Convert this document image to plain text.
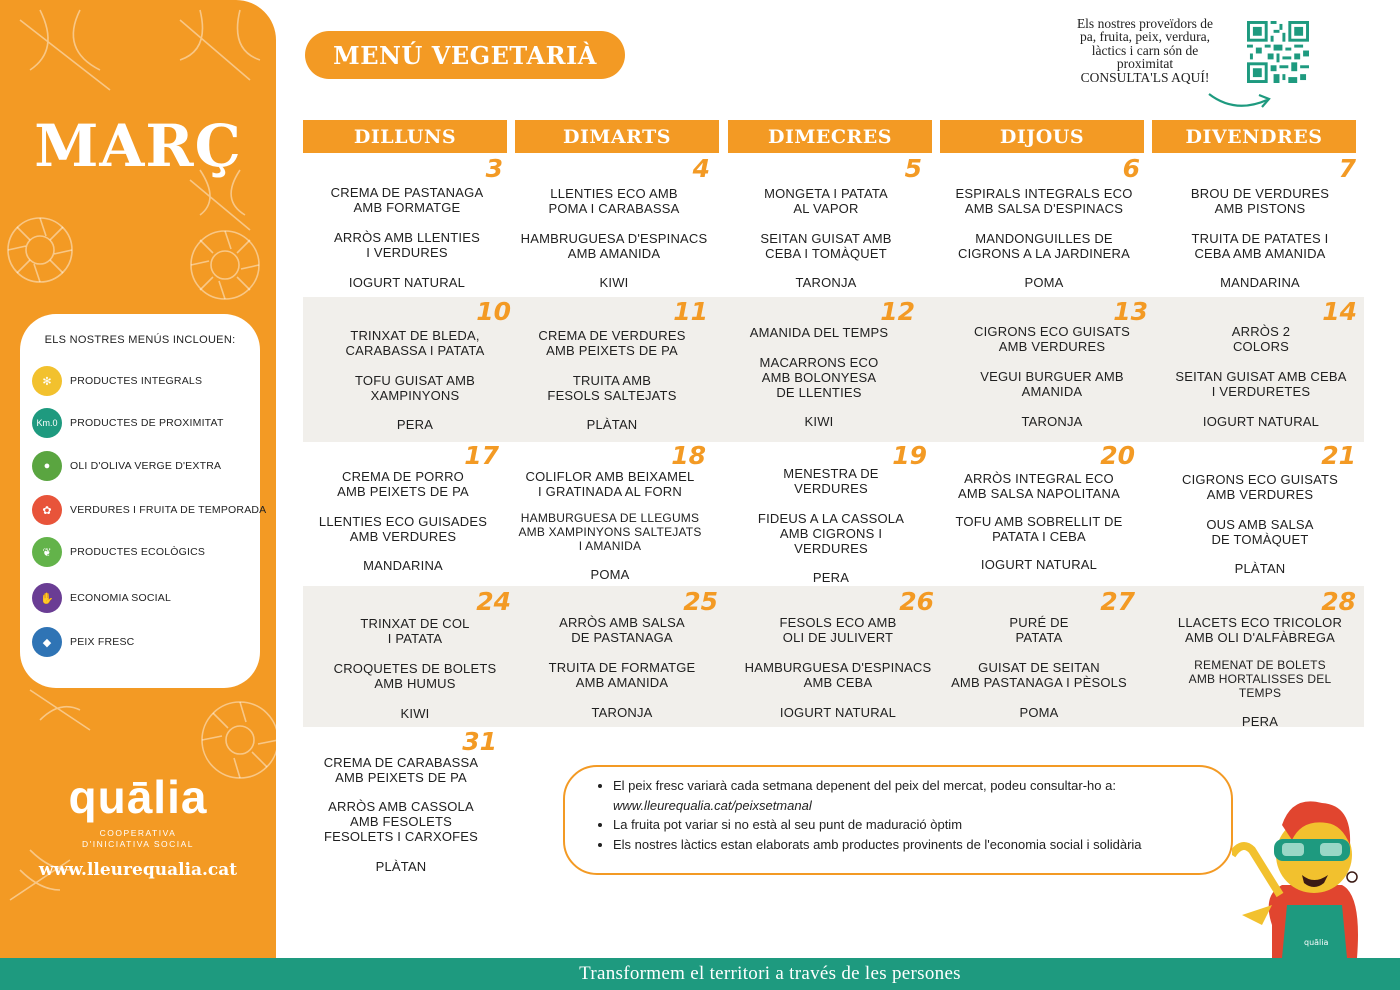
MARÇ
ELS NOSTRES MENÚS INCLOUEN:
✻	PRODUCTES INTEGRALS
Km.0	PRODUCTES DE PROXIMITAT
●	OLI D'OLIVA VERGE D'EXTRA
✿	VERDURES I FRUITA DE TEMPORADA
❦	PRODUCTES ECOLÒGICS
✋	ECONOMIA SOCIAL
◆	PEIX FRESC
quālia
COOPERATIVA
D'INICIATIVA SOCIAL
www.lleurequalia.cat
MENÚ VEGETARIÀ
Els nostres proveïdors de
pa, fruita, peix, verdura,
làctics i carn són de
proximitat
CONSULTA'LS AQUÍ!
DILLUNS	DIMARTS	DIMECRES	DIJOUS	DIVENDRES
3
CREMA DE PASTANAGA
AMB FORMATGE
ARRÒS AMB LLENTIES
I VERDURES
IOGURT NATURAL
4
LLENTIES ECO AMB
POMA I CARABASSA
HAMBRUGUESA D'ESPINACS
AMB AMANIDA
KIWI
5
MONGETA I PATATA
AL VAPOR
SEITAN GUISAT AMB
CEBA I TOMÀQUET
TARONJA
6
ESPIRALS INTEGRALS ECO
AMB SALSA D'ESPINACS
MANDONGUILLES DE
CIGRONS A LA JARDINERA
POMA
7
BROU DE VERDURES
AMB PISTONS
TRUITA DE PATATES I
CEBA AMB AMANIDA
MANDARINA
10
TRINXAT DE BLEDA,
CARABASSA I PATATA
TOFU GUISAT AMB
XAMPINYONS
PERA
11
CREMA DE VERDURES
AMB PEIXETS DE PA
TRUITA AMB
FESOLS SALTEJATS
PLÀTAN
12
AMANIDA DEL TEMPS
MACARRONS ECO
AMB BOLONYESA
DE LLENTIES
KIWI
13
CIGRONS ECO GUISATS
AMB VERDURES
VEGUI BURGUER AMB
AMANIDA
TARONJA
14
ARRÒS 2
COLORS
SEITAN GUISAT AMB CEBA
I VERDURETES
IOGURT NATURAL
17
CREMA DE PORRO
AMB PEIXETS DE PA
LLENTIES ECO GUISADES
AMB VERDURES
MANDARINA
18
COLIFLOR AMB BEIXAMEL
I GRATINADA AL FORN
HAMBURGUESA DE LLEGUMS
AMB XAMPINYONS SALTEJATS
I AMANIDA
POMA
19
MENESTRA DE
VERDURES
FIDEUS A LA CASSOLA
AMB CIGRONS I
VERDURES
PERA
20
ARRÒS INTEGRAL ECO
AMB SALSA NAPOLITANA
TOFU AMB SOBRELLIT DE
PATATA I CEBA
IOGURT NATURAL
21
CIGRONS ECO GUISATS
AMB VERDURES
OUS AMB SALSA
DE TOMÀQUET
PLÀTAN
24
TRINXAT DE COL
I PATATA
CROQUETES DE BOLETS
AMB HUMUS
KIWI
25
ARRÒS AMB SALSA
DE PASTANAGA
TRUITA DE FORMATGE
AMB AMANIDA
TARONJA
26
FESOLS ECO AMB
OLI DE JULIVERT
HAMBURGUESA D'ESPINACS
AMB CEBA
IOGURT NATURAL
27
PURÉ DE
PATATA
GUISAT DE SEITAN
AMB PASTANAGA I PÈSOLS
POMA
28
LLACETS ECO TRICOLOR
AMB OLI D'ALFÀBREGA
REMENAT DE BOLETS
AMB HORTALISSES DEL
TEMPS
PERA
31
CREMA DE CARABASSA
AMB PEIXETS DE PA
ARRÒS AMB CASSOLA
AMB FESOLETS
FESOLETS I CARXOFES
PLÀTAN
• El peix fresc variarà cada setmana depenent del peix del mercat, podeu consultar-ho a:
www.lleurequalia.cat/peixsetmanal
• La fruita pot variar si no està al seu punt de maduració òptim
• Els nostres làctics estan elaborats amb productes provinents de l'economia social i solidària
quālia
Transformem el territori a través de les persones
